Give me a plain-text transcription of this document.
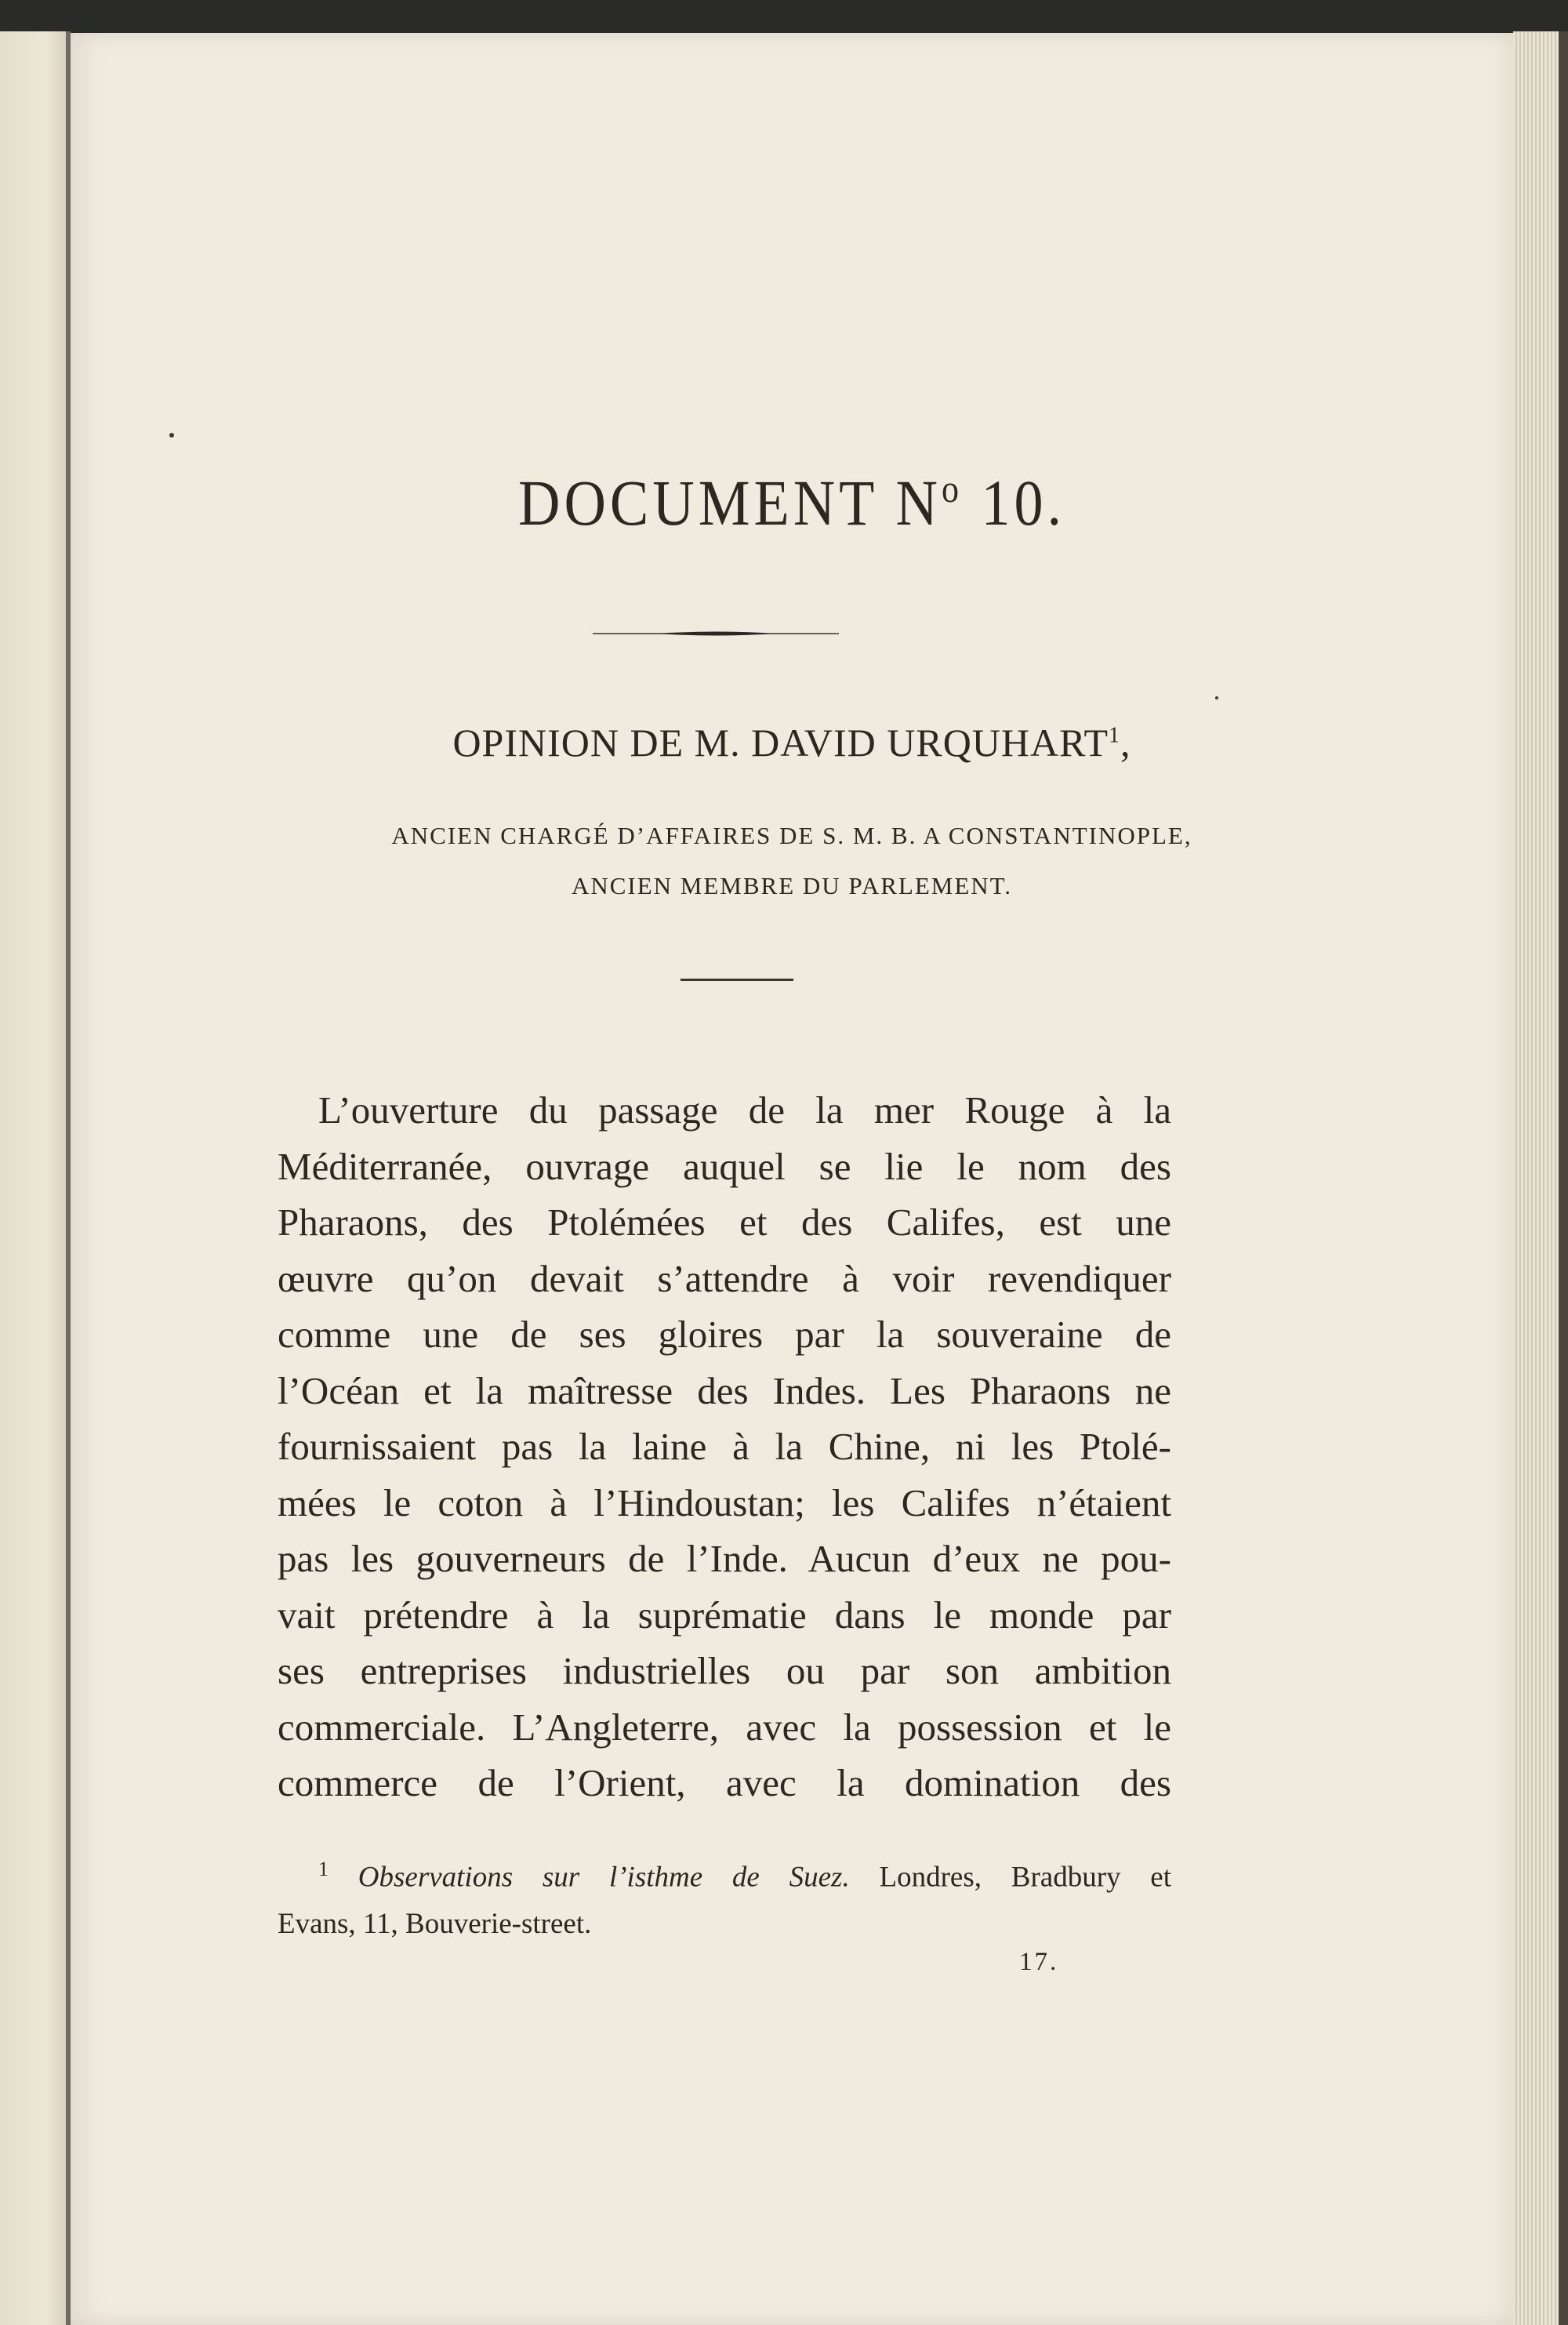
DOCUMENT $N^o$ 10.
OPINION DE M. DAVID URQUHART$^1$,
ANCIEN CHARGÉ D’AFFAIRES DE S. M. B. A CONSTANTINOPLE,
ANCIEN MEMBRE DU PARLEMENT.
L’ouverture du passage de la mer Rouge à la
Méditerranée, ouvrage auquel se lie le nom des
Pharaons, des Ptolémées et des Califes, est une
œuvre qu’on devait s’attendre à voir revendiquer
comme une de ses gloires par la souveraine de
l’Océan et la maîtresse des Indes. Les Pharaons ne
fournissaient pas la laine à la Chine, ni les Ptolé-
mées le coton à l’Hindoustan; les Califes n’étaient
pas les gouverneurs de l’Inde. Aucun d’eux ne pou-
vait prétendre à la suprématie dans le monde par
ses entreprises industrielles ou par son ambition
commerciale. L’Angleterre, avec la possession et le
commerce de l’Orient, avec la domination des
$^1$ Observations sur l’isthme de Suez. Londres, Bradbury et
Evans, 11, Bouverie-street.
17.
